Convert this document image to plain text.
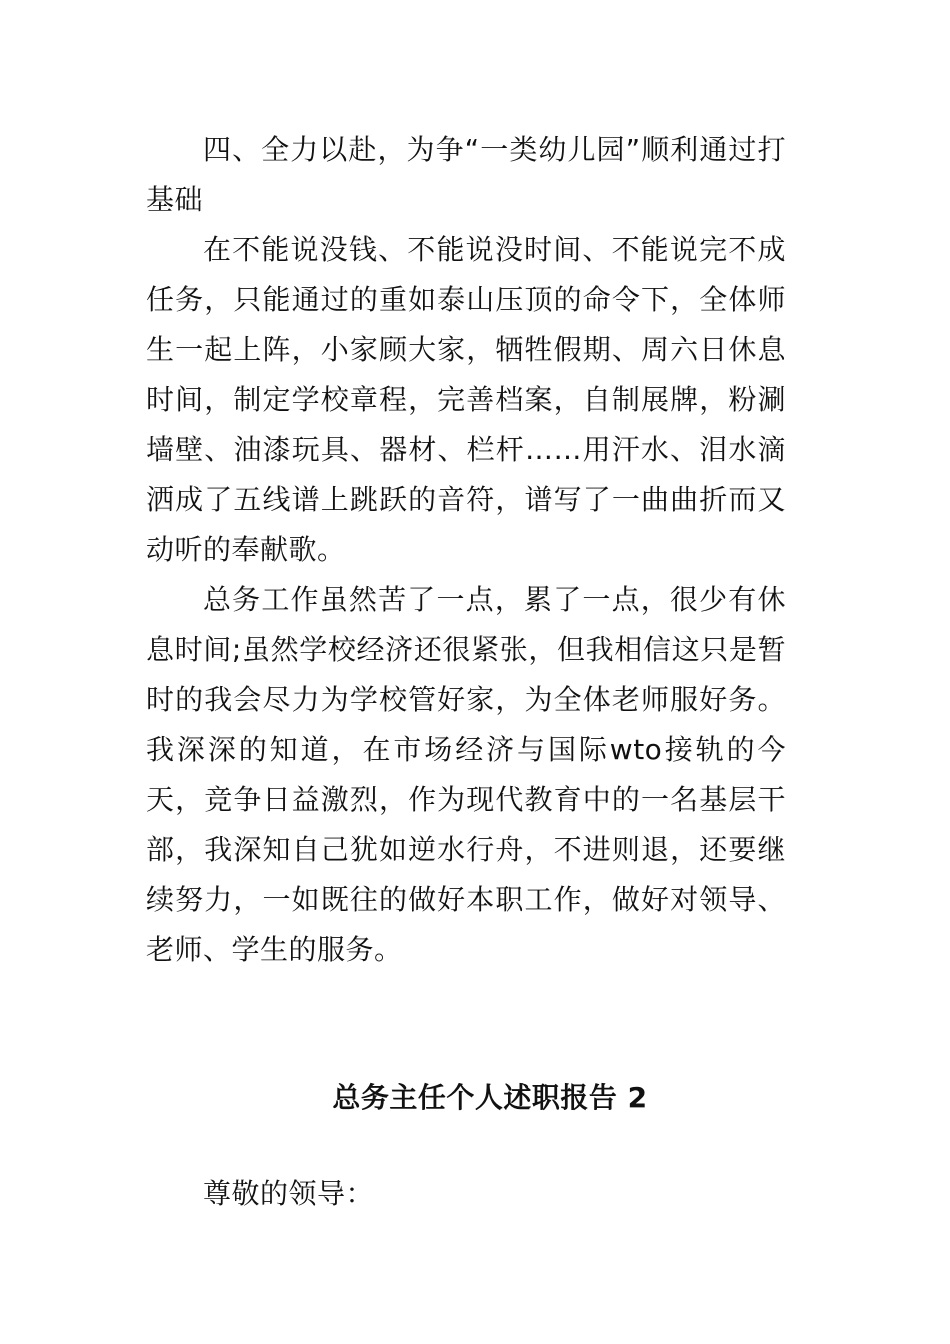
四、全力以赴，为争“一类幼儿园”顺利通过打基础

在不能说没钱、不能说没时间、不能说完不成任务，只能通过的重如泰山压顶的命令下，全体师生一起上阵，小家顾大家，牺牲假期、周六日休息时间，制定学校章程，完善档案，自制展牌，粉涮墙壁、油漆玩具、器材、栏杆……用汗水、泪水滴洒成了五线谱上跳跃的音符，谱写了一曲曲折而又动听的奉献歌。

总务工作虽然苦了一点，累了一点，很少有休息时间;虽然学校经济还很紧张，但我相信这只是暂时的我会尽力为学校管好家，为全体老师服好务。我深深的知道，在市场经济与国际wto接轨的今天，竞争日益激烈，作为现代教育中的一名基层干部，我深知自己犹如逆水行舟，不进则退，还要继续努力，一如既往的做好本职工作，做好对领导、老师、学生的服务。

总务主任个人述职报告 2
尊敬的领导：
